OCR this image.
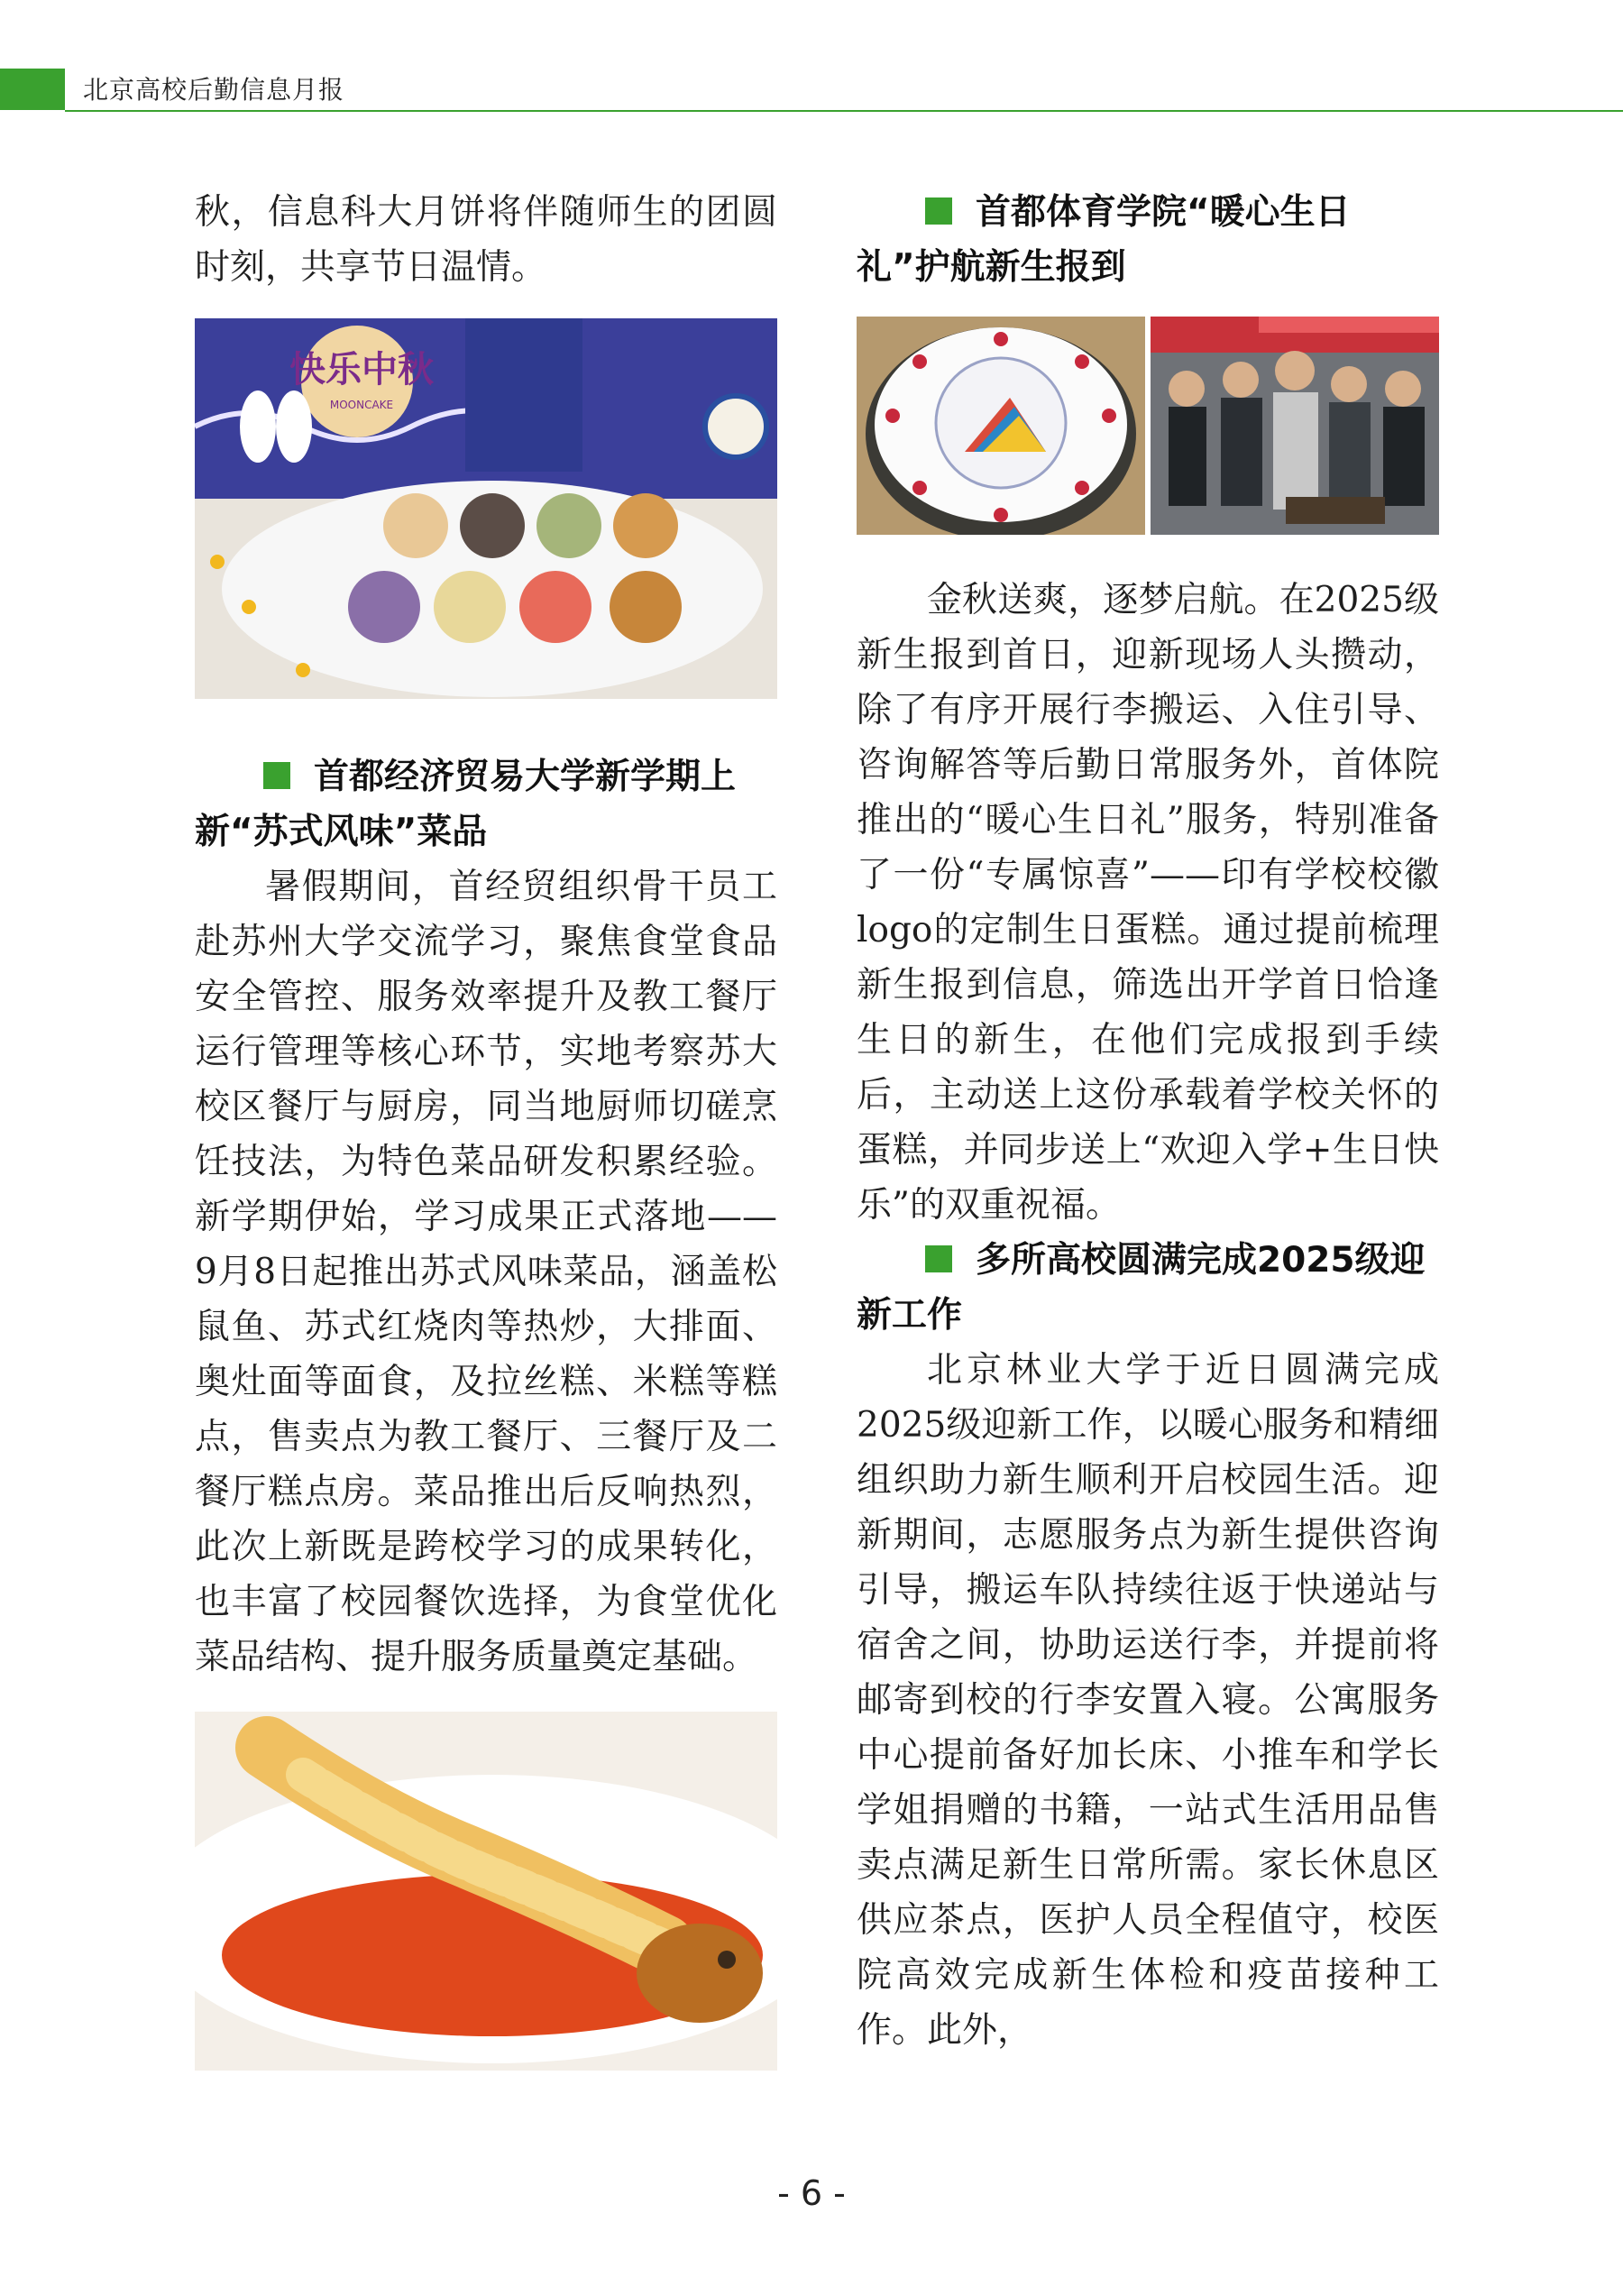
北京高校后勤信息月报

秋，信息科大月饼将伴随师生的团圆时刻，共享节日温情。

快乐中秋
MOONCAKE

首都经济贸易大学新学期上新“苏式风味”菜品

暑假期间，首经贸组织骨干员工赴苏州大学交流学习，聚焦食堂食品安全管控、服务效率提升及教工餐厅运行管理等核心环节，实地考察苏大校区餐厅与厨房，同当地厨师切磋烹饪技法，为特色菜品研发积累经验。新学期伊始，学习成果正式落地——9月8日起推出苏式风味菜品，涵盖松鼠鱼、苏式红烧肉等热炒，大排面、奥灶面等面食，及拉丝糕、米糕等糕点，售卖点为教工餐厅、三餐厅及二餐厅糕点房。菜品推出后反响热烈，此次上新既是跨校学习的成果转化，也丰富了校园餐饮选择，为食堂优化菜品结构、提升服务质量奠定基础。

首都体育学院“暖心生日礼”护航新生报到

金秋送爽，逐梦启航。在2025级新生报到首日，迎新现场人头攒动，除了有序开展行李搬运、入住引导、咨询解答等后勤日常服务外，首体院推出的“暖心生日礼”服务，特别准备了一份“专属惊喜”——印有学校校徽logo的定制生日蛋糕。通过提前梳理新生报到信息，筛选出开学首日恰逢生日的新生，在他们完成报到手续后，主动送上这份承载着学校关怀的蛋糕，并同步送上“欢迎入学+生日快乐”的双重祝福。

多所高校圆满完成2025级迎新工作

北京林业大学于近日圆满完成2025级迎新工作，以暖心服务和精细组织助力新生顺利开启校园生活。迎新期间，志愿服务点为新生提供咨询引导，搬运车队持续往返于快递站与宿舍之间，协助运送行李，并提前将邮寄到校的行李安置入寝。公寓服务中心提前备好加长床、小推车和学长学姐捐赠的书籍，一站式生活用品售卖点满足新生日常所需。家长休息区供应茶点，医护人员全程值守，校医院高效完成新生体检和疫苗接种工作。此外，

- 6 -
